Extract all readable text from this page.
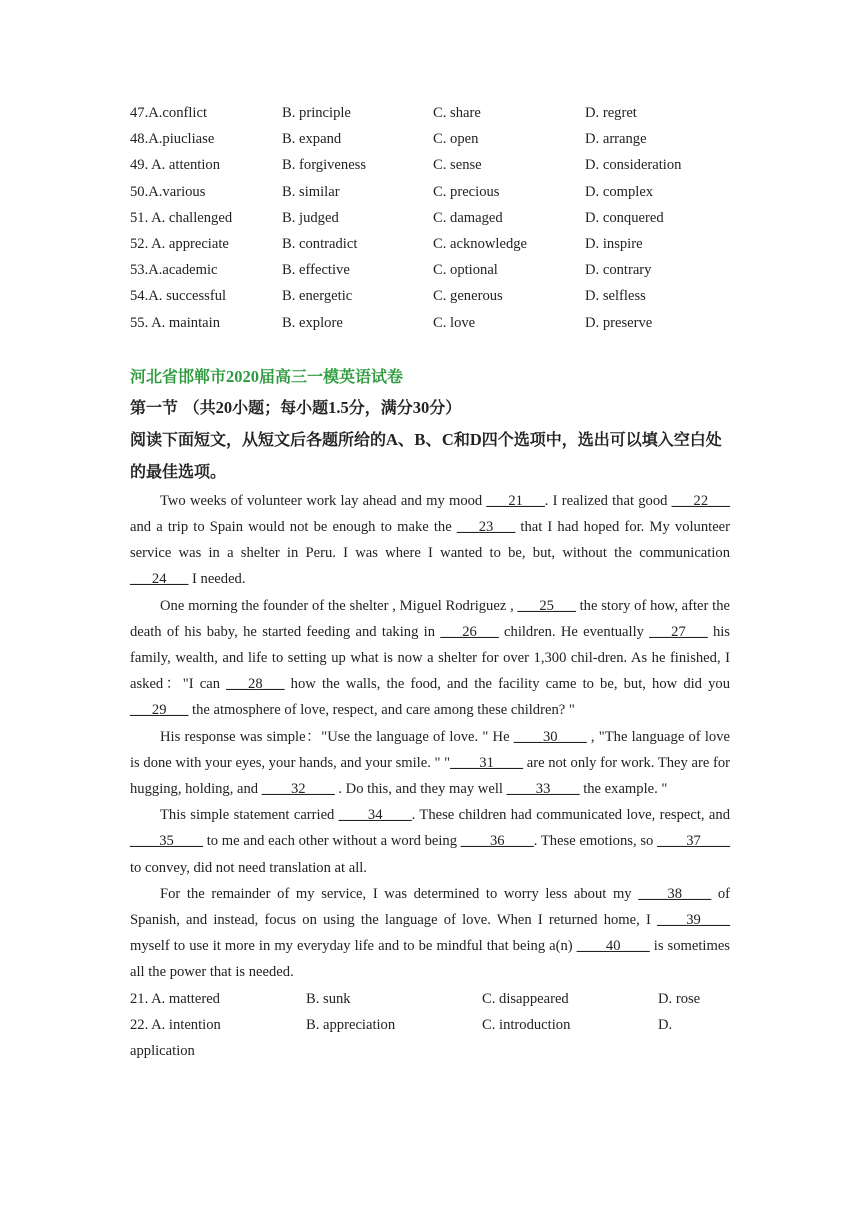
47.A.conflict	B. principle	C. share	D. regret
48.A.piucliase	B. expand	C. open	D. arrange
49. A. attention	B. forgiveness	C. sense	D. consideration
50.A.various	B. similar	C. precious	D. complex
51. A. challenged	B. judged	C. damaged	D. conquered
52. A. appreciate	B. contradict	C. acknowledge	D. inspire
53.A.academic	B. effective	C. optional	D. contrary
54.A. successful	B. energetic	C. generous	D. selfless
55. A. maintain	B. explore	C. love	D. preserve
河北省邯郸市2020届高三一模英语试卷
第一节 （共20小题；每小题1.5分，满分30分）
阅读下面短文，从短文后各题所给的A、B、C和D四个选项中，选出可以填入空白处的最佳选项。

Two weeks of volunteer work lay ahead and my mood ___21___. I realized that good ___22___ and a trip to Spain would not be enough to make the ___23___ that I had hoped for. My volunteer service was in a shelter in Peru. I was where I wanted to be, but, without the communication ___24___ I needed.

One morning the founder of the shelter , Miguel Rodriguez , ___25___ the story of how, after the death of his baby, he started feeding and taking in ___26___ children. He eventually ___27___ his family, wealth, and life to setting up what is now a shelter for over 1,300 chil-dren. As he finished, I asked："I can ___28___ how the walls, the food, and the facility came to be, but, how did you ___29___ the atmosphere of love, respect, and care among these children? "

His response was simple："Use the language of love. " He ____30____ , "The language of love is done with your eyes, your hands, and your smile. " "____31____ are not only for work. They are for hugging, holding, and ____32____ . Do this, and they may well ____33____ the example. "

This simple statement carried ____34____. These children had communicated love, respect, and ____35____ to me and each other without a word being ____36____. These emotions, so ____37____ to convey, did not need translation at all.

For the remainder of my service, I was determined to worry less about my ____38____ of Spanish, and instead, focus on using the language of love. When I returned home, I ____39____ myself to use it more in my everyday life and to be mindful that being a(n) ____40____ is sometimes all the power that is needed.

21. A. mattered	B. sunk	C. disappeared	D. rose
22. A. intention	B. appreciation	C. introduction	D.
application
